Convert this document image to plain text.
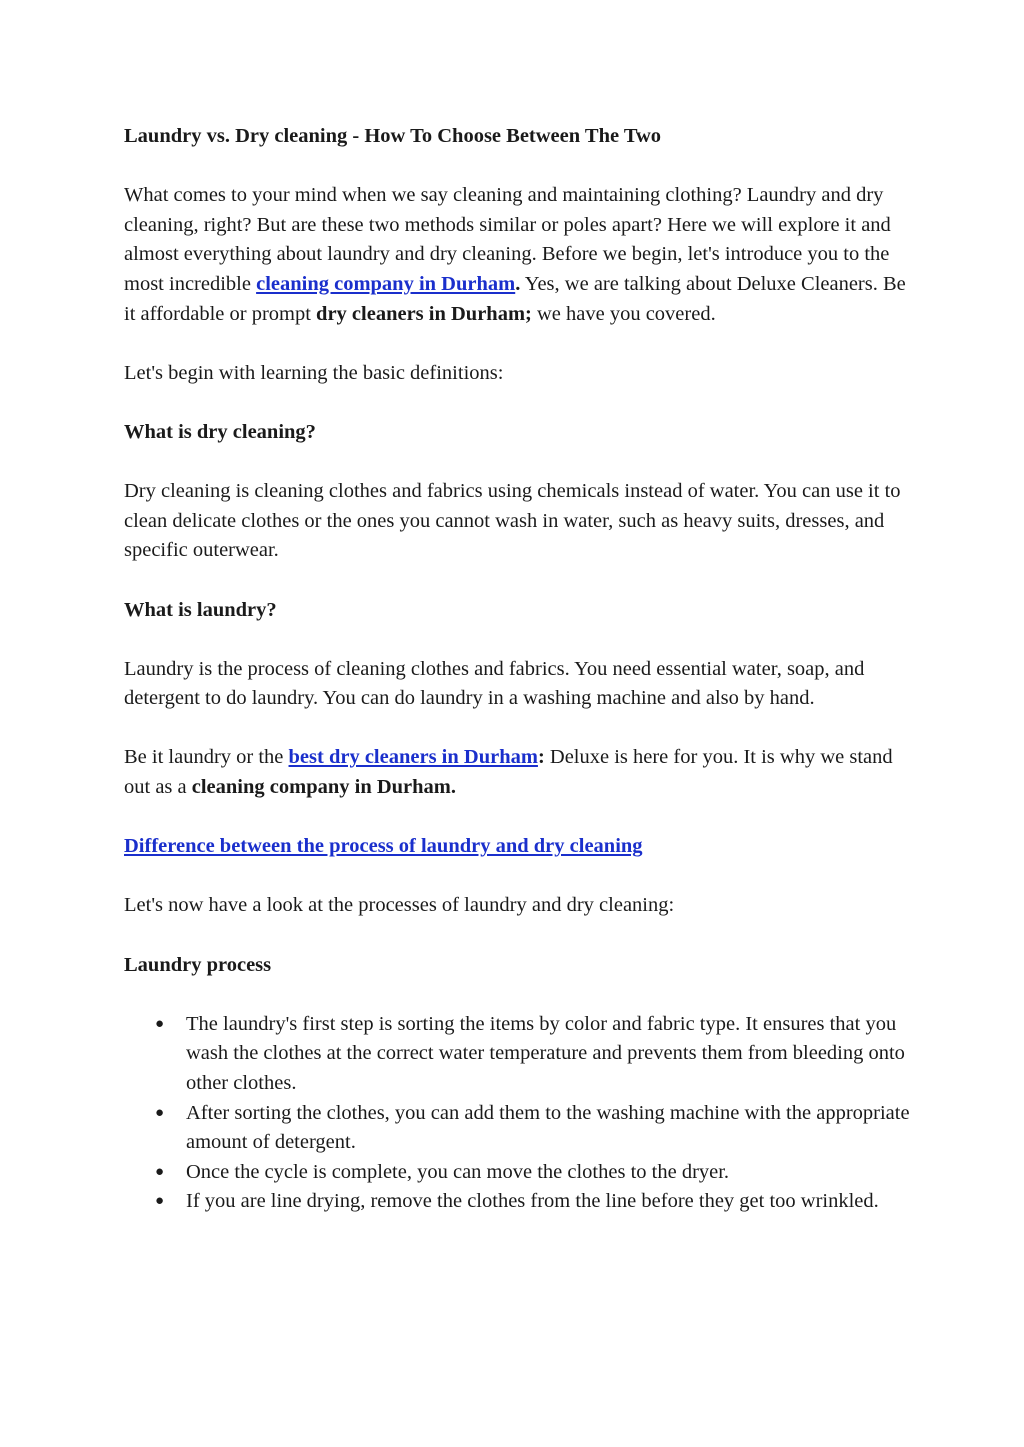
Laundry vs. Dry cleaning - How To Choose Between The Two

What comes to your mind when we say cleaning and maintaining clothing? Laundry and dry cleaning, right? But are these two methods similar or poles apart? Here we will explore it and almost everything about laundry and dry cleaning. Before we begin, let's introduce you to the most incredible cleaning company in Durham. Yes, we are talking about Deluxe Cleaners. Be it affordable or prompt dry cleaners in Durham; we have you covered.

Let's begin with learning the basic definitions:

What is dry cleaning?

Dry cleaning is cleaning clothes and fabrics using chemicals instead of water. You can use it to clean delicate clothes or the ones you cannot wash in water, such as heavy suits, dresses, and specific outerwear.

What is laundry?

Laundry is the process of cleaning clothes and fabrics. You need essential water, soap, and detergent to do laundry. You can do laundry in a washing machine and also by hand.

Be it laundry or the best dry cleaners in Durham: Deluxe is here for you. It is why we stand out as a cleaning company in Durham.

Difference between the process of laundry and dry cleaning

Let's now have a look at the processes of laundry and dry cleaning:

Laundry process

● The laundry's first step is sorting the items by color and fabric type. It ensures that you wash the clothes at the correct water temperature and prevents them from bleeding onto other clothes.
● After sorting the clothes, you can add them to the washing machine with the appropriate amount of detergent.
● Once the cycle is complete, you can move the clothes to the dryer.
● If you are line drying, remove the clothes from the line before they get too wrinkled.
